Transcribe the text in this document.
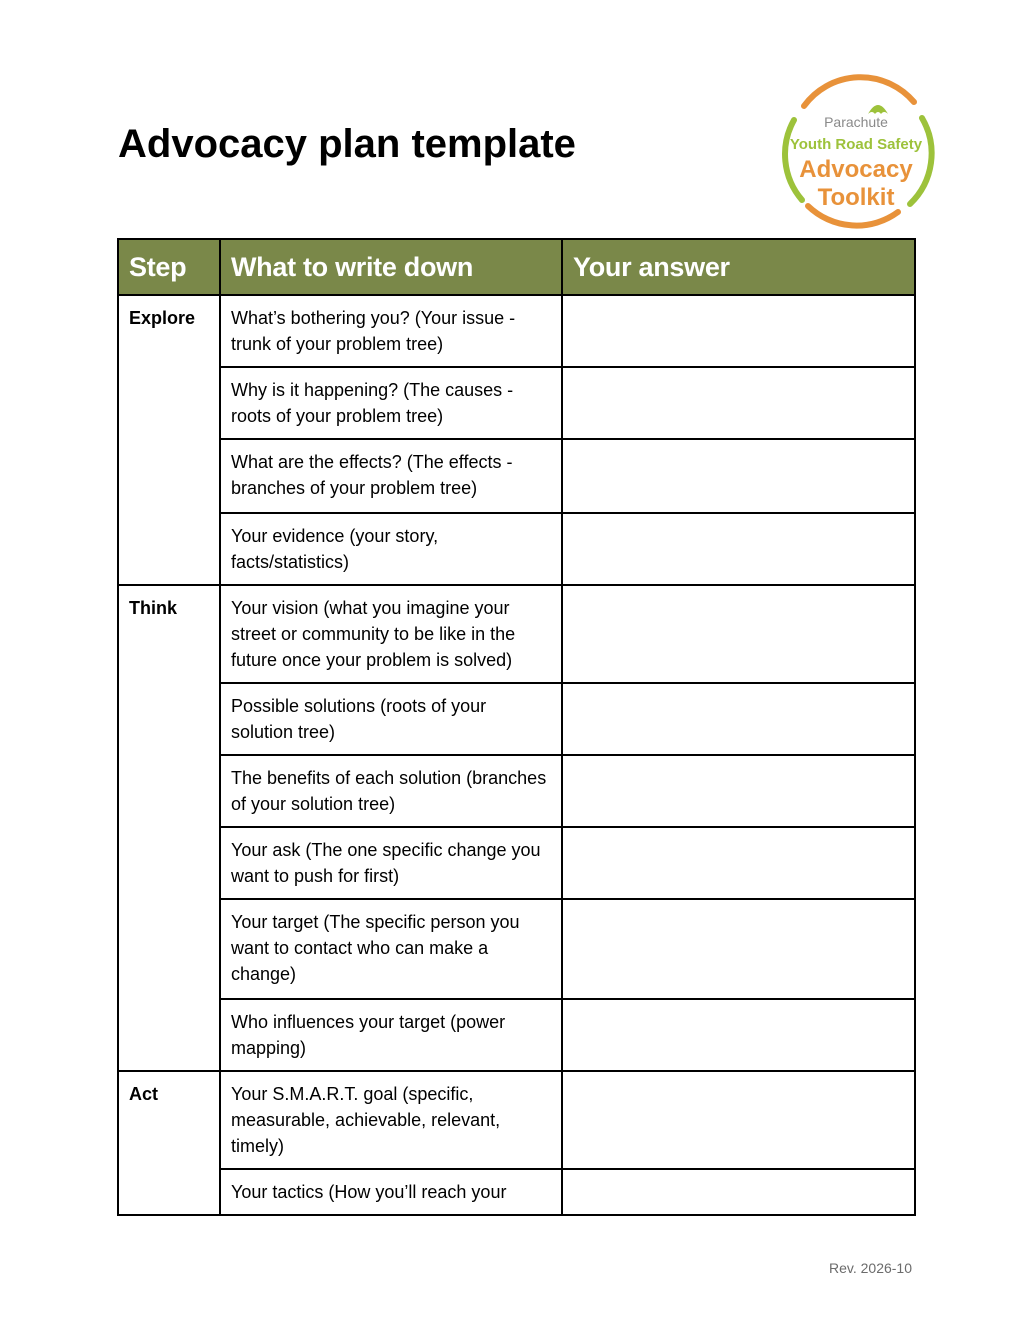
Advocacy plan template	Parachute
Youth Road Safety
Advocacy
Toolkit
Step	What to write down	Your answer
Explore	What’s bothering you? (Your issue - trunk of your problem tree)	
	Why is it happening? (The causes - roots of your problem tree)	
	What are the effects? (The effects - branches of your problem tree)	
	Your evidence (your story, facts/statistics)	
Think	Your vision (what you imagine your street or community to be like in the future once your problem is solved)	
	Possible solutions (roots of your solution tree)	
	The benefits of each solution (branches of your solution tree)	
	Your ask (The one specific change you want to push for first)	
	Your target (The specific person you want to contact who can make a change)	
	Who influences your target (power mapping)	
Act	Your S.M.A.R.T. goal (specific, measurable, achievable, relevant, timely)	
	Your tactics (How you’ll reach your	
Rev. 2026-10
